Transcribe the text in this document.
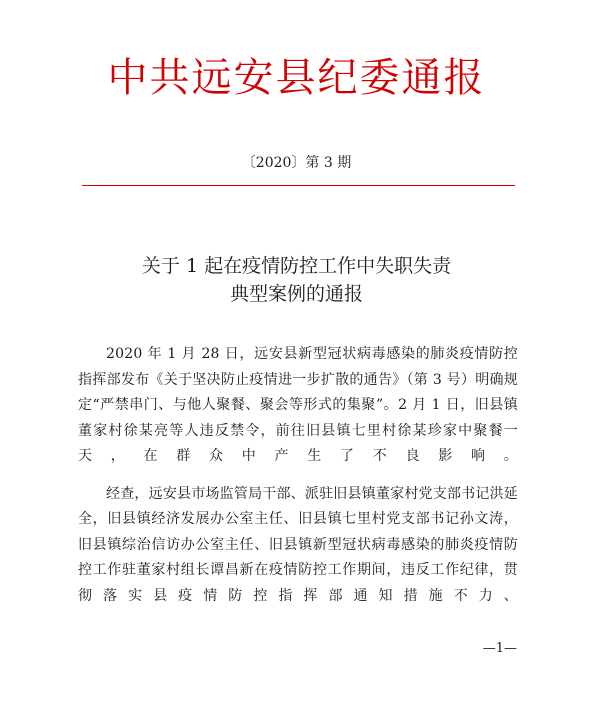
中共远安县纪委通报
〔2020〕第 3 期
关于 1 起在疫情防控工作中失职失责
典型案例的通报

2020 年 1 月 28 日，远安县新型冠状病毒感染的肺炎疫情防控指挥部发布《关于坚决防止疫情进一步扩散的通告》（第 3 号）明确规定“严禁串门、与他人聚餐、聚会等形式的集聚”。2 月 1 日，旧县镇董家村徐某亮等人违反禁令，前往旧县镇七里村徐某珍家中聚餐一天，在群众中产生了不良影响。

经查，远安县市场监管局干部、派驻旧县镇董家村党支部书记洪延全，旧县镇经济发展办公室主任、旧县镇七里村党支部书记孙文涛，旧县镇综治信访办公室主任、旧县镇新型冠状病毒感染的肺炎疫情防控工作驻董家村组长谭昌新在疫情防控工作期间，违反工作纪律，贯彻落实县疫情防控指挥部通知措施不力、

—1—
